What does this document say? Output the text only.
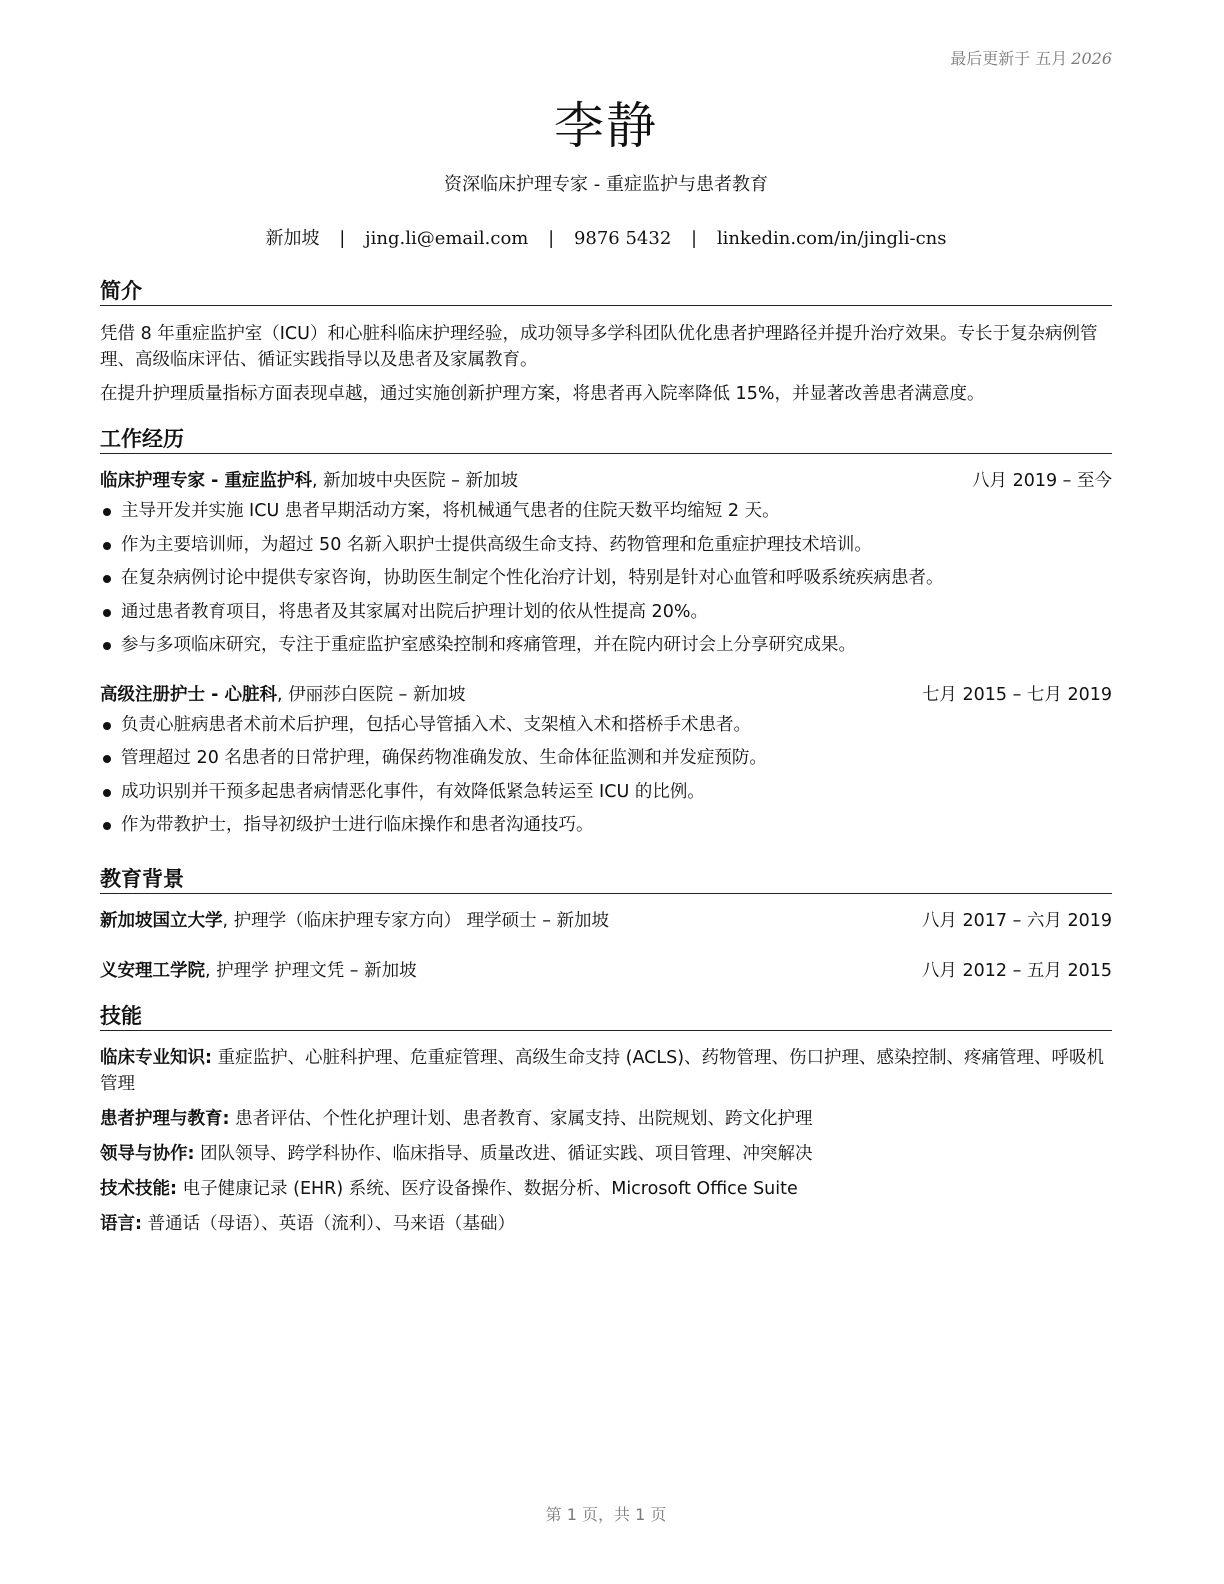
最后更新于 五月 2026
李静
资深临床护理专家 - 重症监护与患者教育
新加坡 | jing.li@email.com | 9876 5432 | linkedin.com/in/jingli-cns
简介

凭借 8 年重症监护室（ICU）和心脏科临床护理经验，成功领导多学科团队优化患者护理路径并提升治疗效果。专长于复杂病例管理、高级临床评估、循证实践指导以及患者及家属教育。

在提升护理质量指标方面表现卓越，通过实施创新护理方案，将患者再入院率降低 15%，并显著改善患者满意度。

工作经历
临床护理专家 - 重症监护科, 新加坡中央医院 – 新加坡	八月 2019 – 至今
主导开发并实施 ICU 患者早期活动方案，将机械通气患者的住院天数平均缩短 2 天。
作为主要培训师，为超过 50 名新入职护士提供高级生命支持、药物管理和危重症护理技术培训。
在复杂病例讨论中提供专家咨询，协助医生制定个性化治疗计划，特别是针对心血管和呼吸系统疾病患者。
通过患者教育项目，将患者及其家属对出院后护理计划的依从性提高 20%。
参与多项临床研究，专注于重症监护室感染控制和疼痛管理，并在院内研讨会上分享研究成果。
高级注册护士 - 心脏科, 伊丽莎白医院 – 新加坡	七月 2015 – 七月 2019
负责心脏病患者术前术后护理，包括心导管插入术、支架植入术和搭桥手术患者。
管理超过 20 名患者的日常护理，确保药物准确发放、生命体征监测和并发症预防。
成功识别并干预多起患者病情恶化事件，有效降低紧急转运至 ICU 的比例。
作为带教护士，指导初级护士进行临床操作和患者沟通技巧。
教育背景
新加坡国立大学, 护理学（临床护理专家方向） 理学硕士 – 新加坡	八月 2017 – 六月 2019
义安理工学院, 护理学 护理文凭 – 新加坡	八月 2012 – 五月 2015
技能

临床专业知识: 重症监护、心脏科护理、危重症管理、高级生命支持 (ACLS)、药物管理、伤口护理、感染控制、疼痛管理、呼吸机管理

患者护理与教育: 患者评估、个性化护理计划、患者教育、家属支持、出院规划、跨文化护理

领导与协作: 团队领导、跨学科协作、临床指导、质量改进、循证实践、项目管理、冲突解决

技术技能: 电子健康记录 (EHR) 系统、医疗设备操作、数据分析、Microsoft Office Suite

语言: 普通话（母语）、英语（流利）、马来语（基础）

第 1 页，共 1 页
